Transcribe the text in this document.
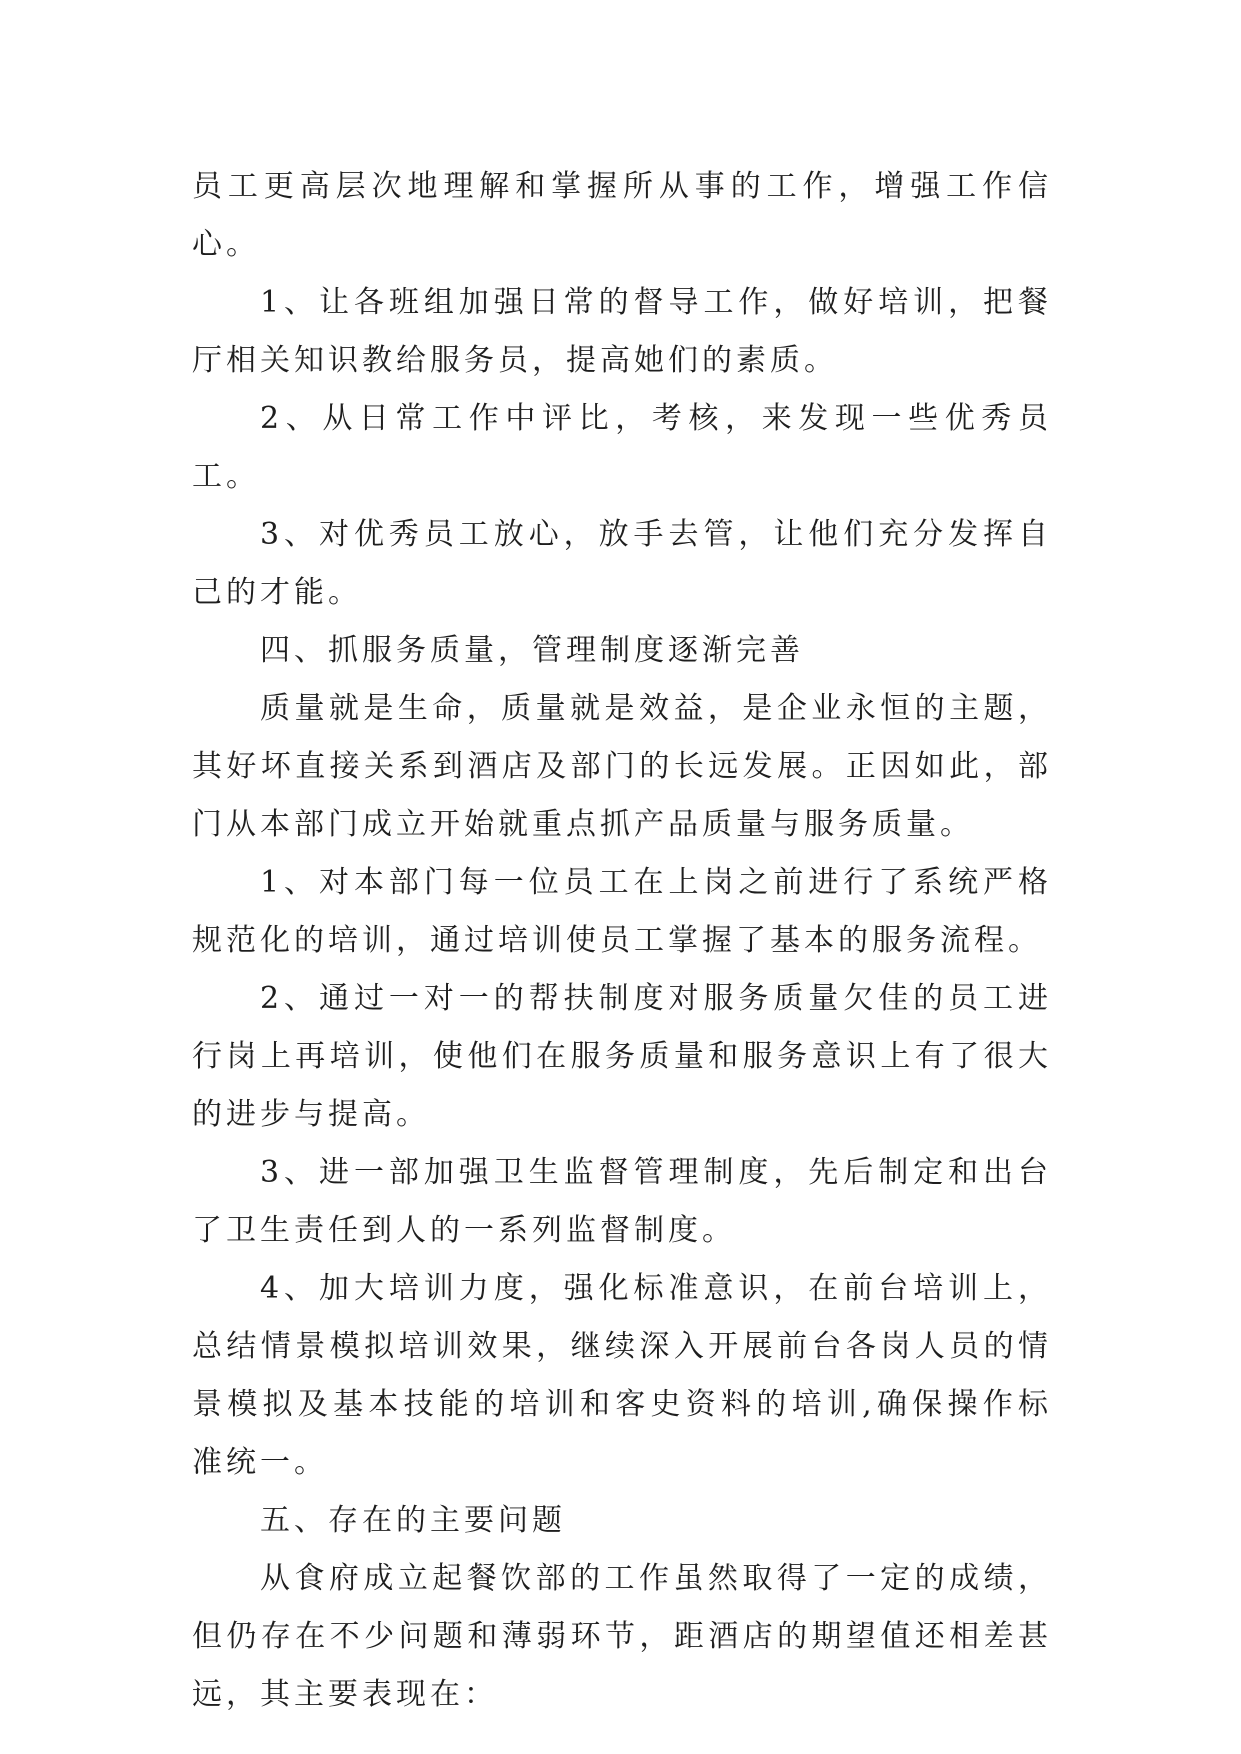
员工更高层次地理解和掌握所从事的工作，增强工作信心。

1、让各班组加强日常的督导工作，做好培训，把餐厅相关知识教给服务员，提高她们的素质。

2、从日常工作中评比，考核，来发现一些优秀员工。

3、对优秀员工放心，放手去管，让他们充分发挥自己的才能。

四、抓服务质量，管理制度逐渐完善

质量就是生命，质量就是效益，是企业永恒的主题，其好坏直接关系到酒店及部门的长远发展。正因如此，部门从本部门成立开始就重点抓产品质量与服务质量。

1、对本部门每一位员工在上岗之前进行了系统严格规范化的培训，通过培训使员工掌握了基本的服务流程。

2、通过一对一的帮扶制度对服务质量欠佳的员工进行岗上再培训，使他们在服务质量和服务意识上有了很大的进步与提高。

3、进一部加强卫生监督管理制度，先后制定和出台了卫生责任到人的一系列监督制度。

4、加大培训力度，强化标准意识，在前台培训上，总结情景模拟培训效果，继续深入开展前台各岗人员的情景模拟及基本技能的培训和客史资料的培训,确保操作标准统一。

五、存在的主要问题

从食府成立起餐饮部的工作虽然取得了一定的成绩，但仍存在不少问题和薄弱环节，距酒店的期望值还相差甚远，其主要表现在：
